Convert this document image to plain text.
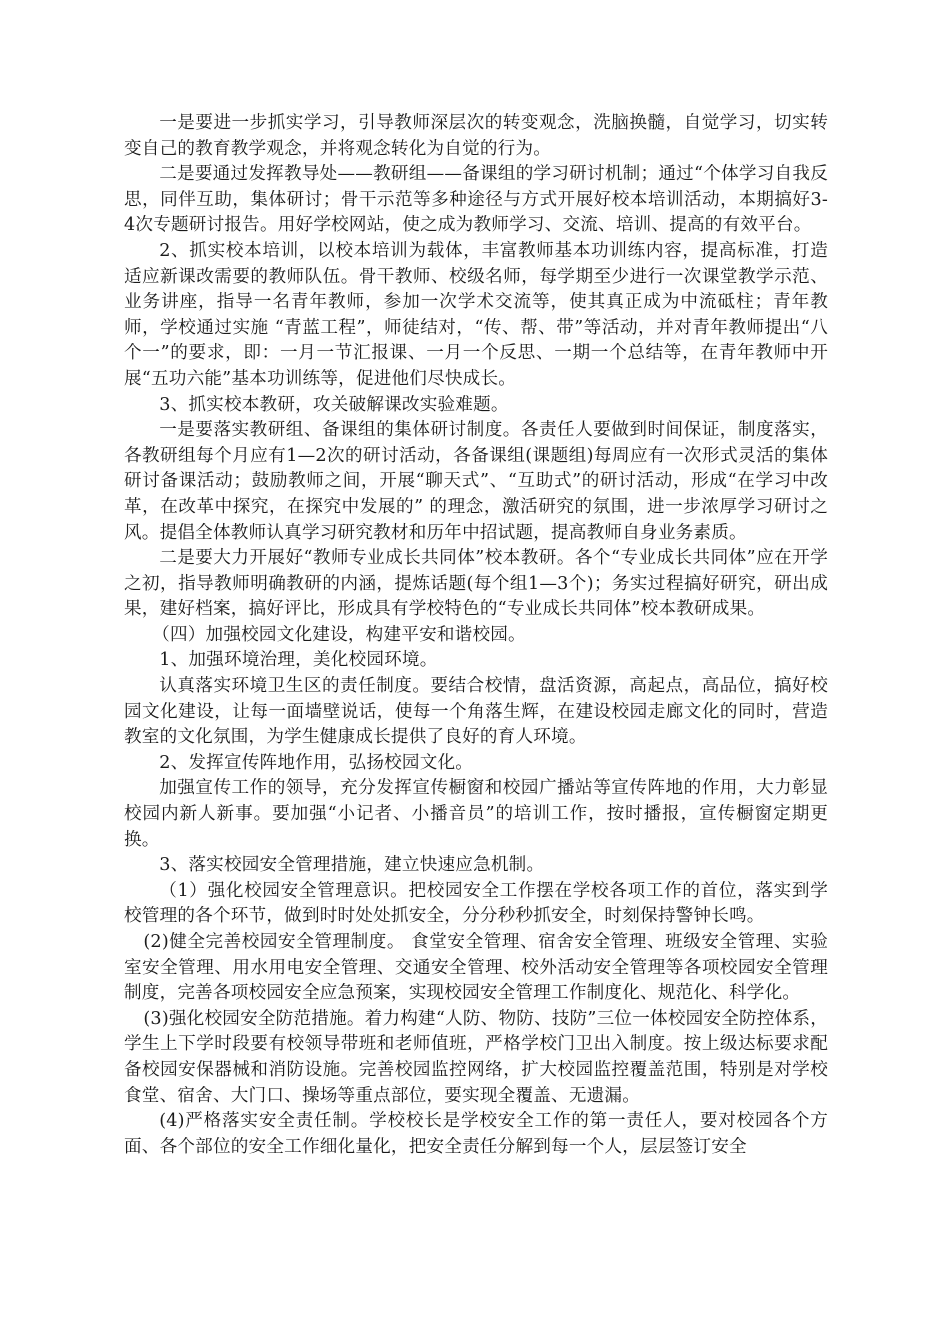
一是要进一步抓实学习，引导教师深层次的转变观念，洗脑换髓，自觉学习，切实转变自己的教育教学观念，并将观念转化为自觉的行为。

二是要通过发挥教导处——教研组——备课组的学习研讨机制；通过“个体学习自我反思，同伴互助，集体研讨；骨干示范等多种途径与方式开展好校本培训活动，本期搞好3-4次专题研讨报告。用好学校网站，使之成为教师学习、交流、培训、提高的有效平台。

2、抓实校本培训，以校本培训为载体，丰富教师基本功训练内容，提高标准，打造适应新课改需要的教师队伍。骨干教师、校级名师，每学期至少进行一次课堂教学示范、业务讲座，指导一名青年教师，参加一次学术交流等，使其真正成为中流砥柱；青年教师，学校通过实施 “青蓝工程”，师徒结对，“传、帮、带”等活动，并对青年教师提出“八个一”的要求，即：一月一节汇报课、一月一个反思、一期一个总结等，在青年教师中开展“五功六能”基本功训练等，促进他们尽快成长。

3、抓实校本教研，攻关破解课改实验难题。

一是要落实教研组、备课组的集体研讨制度。各责任人要做到时间保证，制度落实，各教研组每个月应有1—2次的研讨活动，各备课组(课题组)每周应有一次形式灵活的集体研讨备课活动；鼓励教师之间，开展“聊天式”、“互助式”的研讨活动，形成“在学习中改革，在改革中探究，在探究中发展的” 的理念，激活研究的氛围，进一步浓厚学习研讨之风。提倡全体教师认真学习研究教材和历年中招试题，提高教师自身业务素质。

二是要大力开展好“教师专业成长共同体”校本教研。各个“专业成长共同体”应在开学之初，指导教师明确教研的内涵，提炼话题(每个组1—3个)；务实过程搞好研究，研出成果，建好档案，搞好评比，形成具有学校特色的“专业成长共同体”校本教研成果。

（四）加强校园文化建设，构建平安和谐校园。

1、加强环境治理，美化校园环境。

认真落实环境卫生区的责任制度。要结合校情，盘活资源，高起点，高品位，搞好校园文化建设，让每一面墙壁说话，使每一个角落生辉，在建设校园走廊文化的同时，营造教室的文化氛围，为学生健康成长提供了良好的育人环境。

2、发挥宣传阵地作用，弘扬校园文化。

加强宣传工作的领导，充分发挥宣传橱窗和校园广播站等宣传阵地的作用，大力彰显校园内新人新事。要加强“小记者、小播音员”的培训工作，按时播报，宣传橱窗定期更换。

3、落实校园安全管理措施，建立快速应急机制。

（1）强化校园安全管理意识。把校园安全工作摆在学校各项工作的首位，落实到学校管理的各个环节，做到时时处处抓安全，分分秒秒抓安全，时刻保持警钟长鸣。

(2)健全完善校园安全管理制度。 食堂安全管理、宿舍安全管理、班级安全管理、实验室安全管理、用水用电安全管理、交通安全管理、校外活动安全管理等各项校园安全管理制度，完善各项校园安全应急预案，实现校园安全管理工作制度化、规范化、科学化。

(3)强化校园安全防范措施。着力构建“人防、物防、技防”三位一体校园安全防控体系，学生上下学时段要有校领导带班和老师值班，严格学校门卫出入制度。按上级达标要求配备校园安保器械和消防设施。完善校园监控网络，扩大校园监控覆盖范围，特别是对学校食堂、宿舍、大门口、操场等重点部位，要实现全覆盖、无遗漏。

(4)严格落实安全责任制。学校校长是学校安全工作的第一责任人，要对校园各个方面、各个部位的安全工作细化量化，把安全责任分解到每一个人，层层签订安全
